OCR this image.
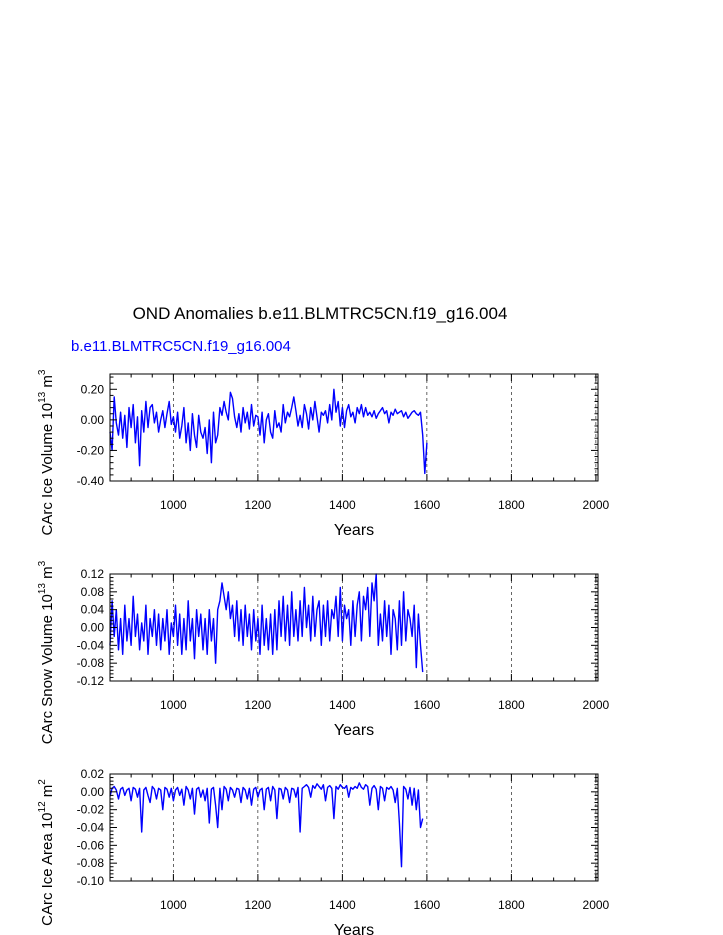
OND Anomalies b.e11.BLMTRC5CN.f19_g16.004
b.e11.BLMTRC5CN.f19_g16.004
-0.40
-0.20
0.00
0.20
1000	1200	1400	1600	1800	2000
Years
CArc Ice Volume $10^{13}$ $m^3$
-0.12
-0.08
-0.04
0.00
0.04
0.08
0.12
1000	1200	1400	1600	1800	2000
Years
CArc Snow Volume $10^{13}$ $m^3$
-0.10
-0.08
-0.06
-0.04
-0.02
0.00
0.02
1000	1200	1400	1600	1800	2000
Years
CArc Ice Area $10^{12}$ $m^2$
